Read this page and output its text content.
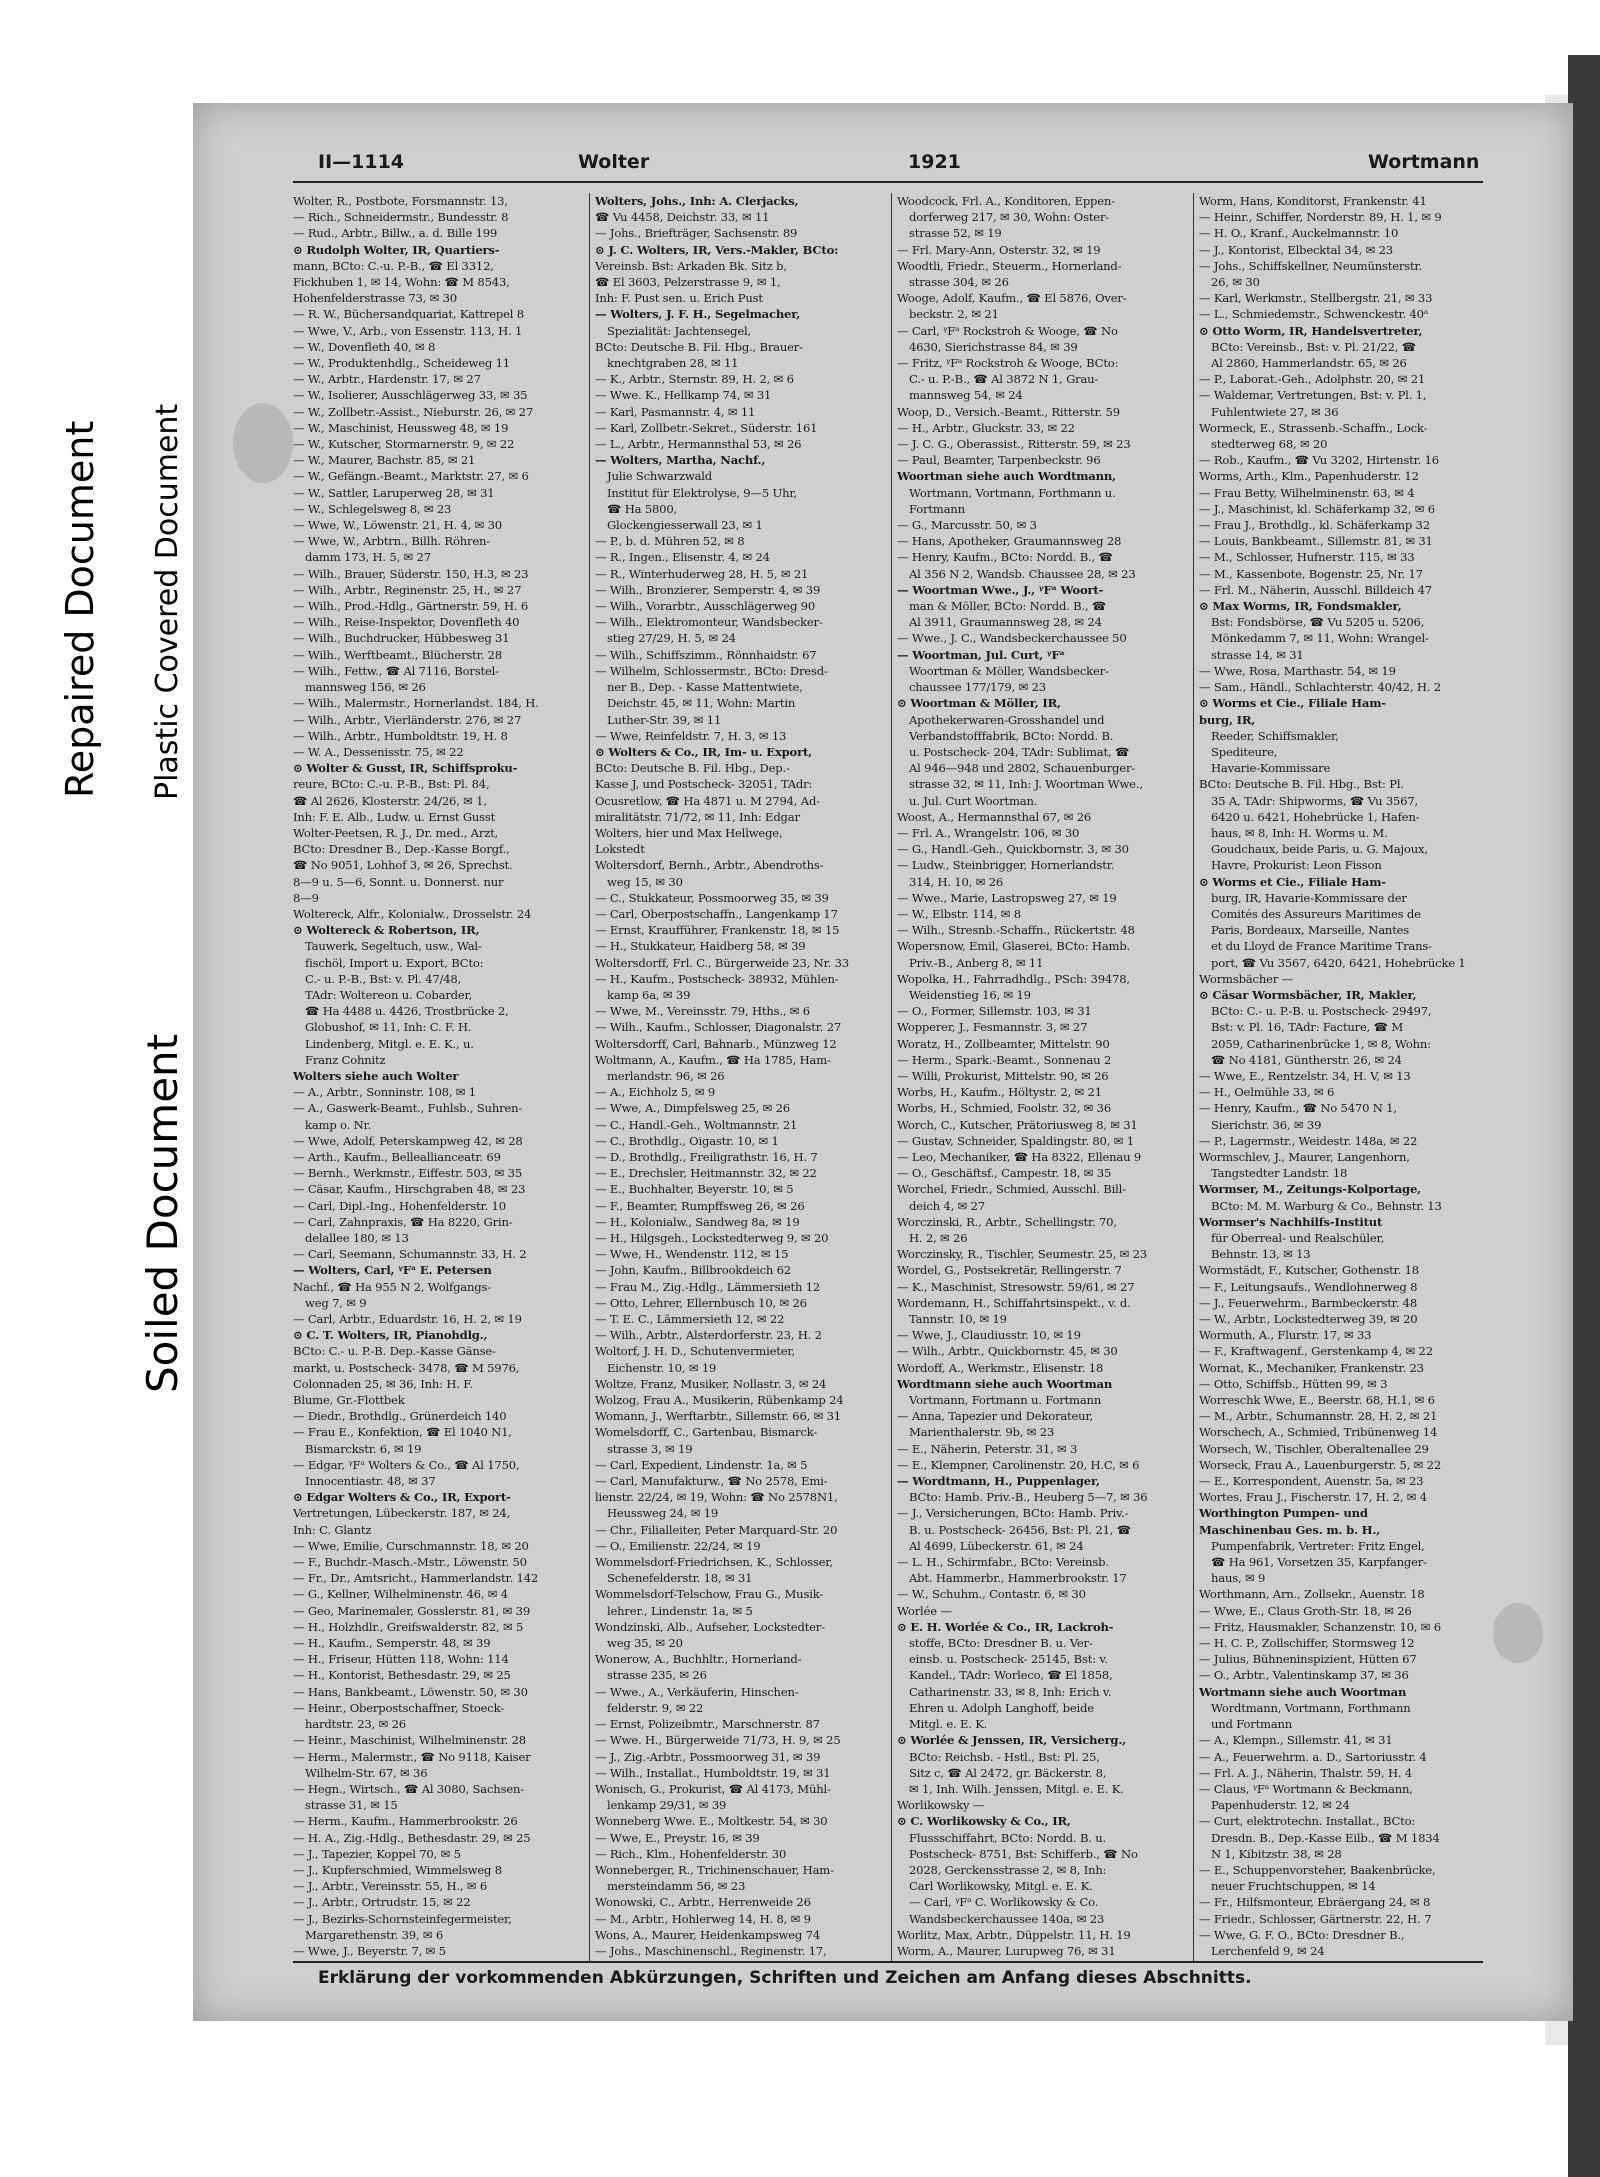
Repaired Document Plastic Covered Document
Soiled Document
II—1114	Wolter	1921	Wortmann
Wolter, R., Postbote, Forsmannstr. 13,
— Rich., Schneidermstr., Bundesstr. 8
— Rud., Arbtr., Billw., a. d. Bille 199
⊙ Rudolph Wolter, IR, Quartiers-
mann, BCto: C.-u. P.-B., ☎ El 3312,
Fickhuben 1, ✉ 14, Wohn: ☎ M 8543,
Hohenfelderstrasse 73, ✉ 30
— R. W., Büchersandquariat, Kattrepel 8
— Wwe, V., Arb., von Essenstr. 113, H. 1
— W., Dovenfleth 40, ✉ 8
— W., Produktenhdlg., Scheideweg 11
— W., Arbtr., Hardenstr. 17, ✉ 27
— W., Isolierer, Ausschlägerweg 33, ✉ 35
— W., Zollbetr.-Assist., Nieburstr. 26, ✉ 27
— W., Maschinist, Heussweg 48, ✉ 19
— W., Kutscher, Stormarnerstr. 9, ✉ 22
— W., Maurer, Bachstr. 85, ✉ 21
— W., Gefängn.-Beamt., Marktstr. 27, ✉ 6
— W., Sattler, Laruperweg 28, ✉ 31
— W., Schlegelsweg 8, ✉ 23
— Wwe, W., Löwenstr. 21, H. 4, ✉ 30
— Wwe, W., Arbtrn., Billh. Röhren-
damm 173, H. 5, ✉ 27
— Wilh., Brauer, Süderstr. 150, H.3, ✉ 23
— Wilh., Arbtr., Reginenstr. 25, H., ✉ 27
— Wilh., Prod.-Hdlg., Gärtnerstr. 59, H. 6
— Wilh., Reise-Inspektor, Dovenfleth 40
— Wilh., Buchdrucker, Hübbesweg 31
— Wilh., Werftbeamt., Blücherstr. 28
— Wilh., Fettw., ☎ Al 7116, Borstel-
mannsweg 156, ✉ 26
— Wilh., Malermstr., Hornerlandst. 184, H.
— Wilh., Arbtr., Vierländerstr. 276, ✉ 27
— Wilh., Arbtr., Humboldtstr. 19, H. 8
— W. A., Dessenisstr. 75, ✉ 22
⊙ Wolter & Gusst, IR, Schiffsproku-
reure, BCto: C.-u. P.-B., Bst: Pl. 84,
☎ Al 2626, Klosterstr. 24/26, ✉ 1,
Inh: F. E. Alb., Ludw. u. Ernst Gusst
Wolter-Peetsen, R. J., Dr. med., Arzt,
BCto: Dresdner B., Dep.-Kasse Borgf.,
☎ No 9051, Lohhof 3, ✉ 26, Sprechst.
8—9 u. 5—6, Sonnt. u. Donnerst. nur
8—9
Woltereck, Alfr., Kolonialw., Drosselstr. 24
⊙ Woltereck & Robertson, IR,
Tauwerk, Segeltuch, usw., Wal-
fischöl, Import u. Export, BCto:
C.- u. P.-B., Bst: v. Pl. 47/48,
TAdr: Woltereon u. Cobarder,
☎ Ha 4488 u. 4426, Trostbrücke 2,
Globushof, ✉ 11, Inh: C. F. H.
Lindenberg, Mitgl. e. E. K., u.
Franz Cohnitz
Wolters siehe auch Wolter
— A., Arbtr., Sonninstr. 108, ✉ 1
— A., Gaswerk-Beamt., Fuhlsb., Suhren-
kamp o. Nr.
— Wwe, Adolf, Peterskampweg 42, ✉ 28
— Arth., Kaufm., Belleallianceatr. 69
— Bernh., Werkmstr., Eiffestr. 503, ✉ 35
— Cäsar, Kaufm., Hirschgraben 48, ✉ 23
— Carl, Dipl.-Ing., Hohenfelderstr. 10
— Carl, Zahnpraxis, ☎ Ha 8220, Grin-
delallee 180, ✉ 13
— Carl, Seemann, Schumannstr. 33, H. 2
— Wolters, Carl, ᵞFᵃ E. Petersen
Nachf., ☎ Ha 955 N 2, Wolfgangs-
weg 7, ✉ 9
— Carl, Arbtr., Eduardstr. 16, H. 2, ✉ 19
⊙ C. T. Wolters, IR, Pianohdlg.,
BCto: C.- u. P.-B. Dep.-Kasse Gänse-
markt, u. Postscheck- 3478, ☎ M 5976,
Colonnaden 25, ✉ 36, Inh: H. F.
Blume, Gr.-Flottbek
— Diedr., Brothdlg., Grünerdeich 140
— Frau E., Konfektion, ☎ El 1040 N1,
Bismarckstr. 6, ✉ 19
— Edgar, ᵞFᵃ Wolters & Co., ☎ Al 1750,
Innocentiastr. 48, ✉ 37
⊙ Edgar Wolters & Co., IR, Export-
Vertretungen, Lübeckerstr. 187, ✉ 24,
Inh: C. Glantz
— Wwe, Emilie, Curschmannstr. 18, ✉ 20
— F., Buchdr.-Masch.-Mstr., Löwenstr. 50
— Fr., Dr., Amtsricht., Hammerlandstr. 142
— G., Kellner, Wilhelminenstr. 46, ✉ 4
— Geo, Marinemaler, Gosslerstr. 81, ✉ 39
— H., Holzhdlr., Greifswalderstr. 82, ✉ 5
— H., Kaufm., Semperstr. 48, ✉ 39
— H., Friseur, Hütten 118, Wohn: 114
— H., Kontorist, Bethesdastr. 29, ✉ 25
— Hans, Bankbeamt., Löwenstr. 50, ✉ 30
— Heinr., Oberpostschaffner, Stoeck-
hardtstr. 23, ✉ 26
— Heinr., Maschinist, Wilhelminenstr. 28
— Herm., Malermstr., ☎ No 9118, Kaiser
Wilhelm-Str. 67, ✉ 36
— Hegn., Wirtsch., ☎ Al 3080, Sachsen-
strasse 31, ✉ 15
— Herm., Kaufm., Hammerbrookstr. 26
— H. A., Zig.-Hdlg., Bethesdastr. 29, ✉ 25
— J., Tapezier, Koppel 70, ✉ 5
— J., Kupferschmied, Wimmelsweg 8
— J., Arbtr., Vereinsstr. 55, H., ✉ 6
— J., Arbtr., Ortrudstr. 15, ✉ 22
— J., Bezirks-Schornsteinfegermeister,
Margarethenstr. 39, ✉ 6
— Wwe, J., Beyerstr. 7, ✉ 5
Wolters, Johs., Inh: A. Clerjacks,
☎ Vu 4458, Deichstr. 33, ✉ 11
— Johs., Briefträger, Sachsenstr. 89
⊙ J. C. Wolters, IR, Vers.-Makler, BCto:
Vereinsb. Bst: Arkaden Bk. Sitz b,
☎ El 3603, Pelzerstrasse 9, ✉ 1,
Inh: F. Pust sen. u. Erich Pust
— Wolters, J. F. H., Segelmacher,
Spezialität: Jachtensegel,
BCto: Deutsche B. Fil. Hbg., Brauer-
knechtgraben 28, ✉ 11
— K., Arbtr., Sternstr. 89, H. 2, ✉ 6
— Wwe. K., Hellkamp 74, ✉ 31
— Karl, Pasmannstr. 4, ✉ 11
— Karl, Zollbetr.-Sekret., Süderstr. 161
— L., Arbtr., Hermannsthal 53, ✉ 26
— Wolters, Martha, Nachf.,
Julie Schwarzwald
Institut für Elektrolyse, 9—5 Uhr,
☎ Ha 5800,
Glockengiesserwall 23, ✉ 1
— P., b. d. Mühren 52, ✉ 8
— R., Ingen., Elisenstr. 4, ✉ 24
— R., Winterhuderweg 28, H. 5, ✉ 21
— Wilh., Bronzierer, Semperstr. 4, ✉ 39
— Wilh., Vorarbtr., Ausschlägerweg 90
— Wilh., Elektromonteur, Wandsbecker-
stieg 27/29, H. 5, ✉ 24
— Wilh., Schiffszimm., Rönnhaidstr. 67
— Wilhelm, Schlossermstr., BCto: Dresd-
ner B., Dep. - Kasse Mattentwiete,
Deichstr. 45, ✉ 11, Wohn: Martin
Luther-Str. 39, ✉ 11
— Wwe, Reinfeldstr. 7, H. 3, ✉ 13
⊙ Wolters & Co., IR, Im- u. Export,
BCto: Deutsche B. Fil. Hbg., Dep.-
Kasse J, und Postscheck- 32051, TAdr:
Ocusretlow, ☎ Ha 4871 u. M 2794, Ad-
miralitätstr. 71/72, ✉ 11, Inh: Edgar
Wolters, hier und Max Hellwege,
Lokstedt
Woltersdorf, Bernh., Arbtr., Abendroths-
weg 15, ✉ 30
— C., Stukkateur, Possmoorweg 35, ✉ 39
— Carl, Oberpostschaffn., Langenkamp 17
— Ernst, Kraufführer, Frankenstr. 18, ✉ 15
— H., Stukkateur, Haidberg 58, ✉ 39
Woltersdorff, Frl. C., Bürgerweide 23, Nr. 33
— H., Kaufm., Postscheck- 38932, Mühlen-
kamp 6a, ✉ 39
— Wwe, M., Vereinsstr. 79, Hths., ✉ 6
— Wilh., Kaufm., Schlosser, Diagonalstr. 27
Woltersdorff, Carl, Bahnarb., Münzweg 12
Woltmann, A., Kaufm., ☎ Ha 1785, Ham-
merlandstr. 96, ✉ 26
— A., Eichholz 5, ✉ 9
— Wwe, A., Dimpfelsweg 25, ✉ 26
— C., Handl.-Geh., Woltmannstr. 21
— C., Brothdlg., Oigastr. 10, ✉ 1
— D., Brothdlg., Freiligrathstr. 16, H. 7
— E., Drechsler, Heitmannstr. 32, ✉ 22
— E., Buchhalter, Beyerstr. 10, ✉ 5
— F., Beamter, Rumpffsweg 26, ✉ 26
— H., Kolonialw., Sandweg 8a, ✉ 19
— H., Hilgsgeh., Lockstedterweg 9, ✉ 20
— Wwe, H., Wendenstr. 112, ✉ 15
— John, Kaufm., Billbrookdeich 62
— Frau M., Zig.-Hdlg., Lämmersieth 12
— Otto, Lehrer, Ellernbusch 10, ✉ 26
— T. E. C., Lämmersieth 12, ✉ 22
— Wilh., Arbtr., Alsterdorferstr. 23, H. 2
Woltorf, J. H. D., Schutenvermieter,
Eichenstr. 10, ✉ 19
Woltze, Franz, Musiker, Nollastr. 3, ✉ 24
Wolzog, Frau A., Musikerin, Rübenkamp 24
Womann, J., Werftarbtr., Sillemstr. 66, ✉ 31
Womelsdorff, C., Gartenbau, Bismarck-
strasse 3, ✉ 19
— Carl, Expedient, Lindenstr. 1a, ✉ 5
— Carl, Manufakturw., ☎ No 2578, Emi-
lienstr. 22/24, ✉ 19, Wohn: ☎ No 2578N1,
Heussweg 24, ✉ 19
— Chr., Filialleiter, Peter Marquard-Str. 20
— O., Emilienstr. 22/24, ✉ 19
Wommelsdorf-Friedrichsen, K., Schlosser,
Schenefelderstr. 18, ✉ 31
Wommelsdorf-Telschow, Frau G., Musik-
lehrer., Lindenstr. 1a, ✉ 5
Wondzinski, Alb., Aufseher, Lockstedter-
weg 35, ✉ 20
Wonerow, A., Buchhltr., Hornerland-
strasse 235, ✉ 26
— Wwe., A., Verkäuferin, Hinschen-
felderstr. 9, ✉ 22
— Ernst, Polizeibmtr., Marschnerstr. 87
— Wwe. H., Bürgerweide 71/73, H. 9, ✉ 25
— J., Zig.-Arbtr., Possmoorweg 31, ✉ 39
— Wilh., Installat., Humboldtstr. 19, ✉ 31
Wonisch, G., Prokurist, ☎ Al 4173, Mühl-
lenkamp 29/31, ✉ 39
Wonneberg Wwe. E., Moltkestr. 54, ✉ 30
— Wwe, E., Preystr. 16, ✉ 39
— Rich., Klm., Hohenfelderstr. 30
Wonneberger, R., Trichinenschauer, Ham-
mersteindamm 56, ✉ 23
Wonowski, C., Arbtr., Herrenweide 26
— M., Arbtr., Hohlerweg 14, H. 8, ✉ 9
Wons, A., Maurer, Heidenkampsweg 74
— Johs., Maschinenschl., Reginenstr. 17,
Woodcock, Frl. A., Konditoren, Eppen-
dorferweg 217, ✉ 30, Wohn: Oster-
strasse 52, ✉ 19
— Frl. Mary-Ann, Osterstr. 32, ✉ 19
Woodtli, Friedr., Steuerm., Hornerland-
strasse 304, ✉ 26
Wooge, Adolf, Kaufm., ☎ El 5876, Over-
beckstr. 2, ✉ 21
— Carl, ᵞFᵃ Rockstroh & Wooge, ☎ No
4630, Sierichstrasse 84, ✉ 39
— Fritz, ᵞFᵃ Rockstroh & Wooge, BCto:
C.- u. P.-B., ☎ Al 3872 N 1, Grau-
mannsweg 54, ✉ 24
Woop, D., Versich.-Beamt., Ritterstr. 59
— H., Arbtr., Gluckstr. 33, ✉ 22
— J. C. G., Oberassist., Ritterstr. 59, ✉ 23
— Paul, Beamter, Tarpenbeckstr. 96
Woortman siehe auch Wordtmann,
Wortmann, Vortmann, Forthmann u.
Fortmann
— G., Marcusstr. 50, ✉ 3
— Hans, Apotheker, Graumannsweg 28
— Henry, Kaufm., BCto: Nordd. B., ☎
Al 356 N 2, Wandsb. Chaussee 28, ✉ 23
— Woortman Wwe., J., ᵞFᵃ Woort-
man & Möller, BCto: Nordd. B., ☎
Al 3911, Graumannsweg 28, ✉ 24
— Wwe., J. C., Wandsbeckerchaussee 50
— Woortman, Jul. Curt, ᵞFᵃ
Woortman & Möller, Wandsbecker-
chaussee 177/179, ✉ 23
⊙ Woortman & Möller, IR,
Apothekerwaren-Grosshandel und
Verbandstofffabrik, BCto: Nordd. B.
u. Postscheck- 204, TAdr: Sublimat, ☎
Al 946—948 und 2802, Schauenburger-
strasse 32, ✉ 11, Inh: J. Woortman Wwe.,
u. Jul. Curt Woortman.
Woost, A., Hermannsthal 67, ✉ 26
— Frl. A., Wrangelstr. 106, ✉ 30
— G., Handl.-Geh., Quickbornstr. 3, ✉ 30
— Ludw., Steinbrigger, Hornerlandstr.
314, H. 10, ✉ 26
— Wwe., Marie, Lastropsweg 27, ✉ 19
— W., Elbstr. 114, ✉ 8
— Wilh., Stresnb.-Schaffn., Rückertstr. 48
Wopersnow, Emil, Glaserei, BCto: Hamb.
Priv.-B., Anberg 8, ✉ 11
Wopolka, H., Fahrradhdlg., PSch: 39478,
Weidenstieg 16, ✉ 19
— O., Former, Sillemstr. 103, ✉ 31
Wopperer, J., Fesmannstr. 3, ✉ 27
Woratz, H., Zollbeamter, Mittelstr. 90
— Herm., Spark.-Beamt., Sonnenau 2
— Willi, Prokurist, Mittelstr. 90, ✉ 26
Worbs, H., Kaufm., Höltystr. 2, ✉ 21
Worbs, H., Schmied, Foolstr. 32, ✉ 36
Worch, C., Kutscher, Prätoriusweg 8, ✉ 31
— Gustav, Schneider, Spaldingstr. 80, ✉ 1
— Leo, Mechaniker, ☎ Ha 8322, Ellenau 9
— O., Geschäftsf., Campestr. 18, ✉ 35
Worchel, Friedr., Schmied, Ausschl. Bill-
deich 4, ✉ 27
Worczinski, R., Arbtr., Schellingstr. 70,
H. 2, ✉ 26
Worczinsky, R., Tischler, Seumestr. 25, ✉ 23
Wordel, G., Postsekretär, Rellingerstr. 7
— K., Maschinist, Stresowstr. 59/61, ✉ 27
Wordemann, H., Schiffahrtsinspekt., v. d.
Tannstr. 10, ✉ 19
— Wwe, J., Claudiusstr. 10, ✉ 19
— Wilh., Arbtr., Quickbornstr. 45, ✉ 30
Wordoff, A., Werkmstr., Elisenstr. 18
Wordtmann siehe auch Woortman
Vortmann, Fortmann u. Fortmann
— Anna, Tapezier und Dekorateur,
Marienthalerstr. 9b, ✉ 23
— E., Näherin, Peterstr. 31, ✉ 3
— E., Klempner, Carolinenstr. 20, H.C, ✉ 6
— Wordtmann, H., Puppenlager,
BCto: Hamb. Priv.-B., Heuberg 5—7, ✉ 36
— J., Versicherungen, BCto: Hamb. Priv.-
B. u. Postscheck- 26456, Bst: Pl. 21, ☎
Al 4699, Lübeckerstr. 61, ✉ 24
— L. H., Schirmfabr., BCto: Vereinsb.
Abt. Hammerbr., Hammerbrookstr. 17
— W., Schuhm., Contastr. 6, ✉ 30
Worlée —
⊙ E. H. Worlée & Co., IR, Lackroh-
stoffe, BCto: Dresdner B. u. Ver-
einsb. u. Postscheck- 25145, Bst: v.
Kandel., TAdr: Worleco, ☎ El 1858,
Catharinenstr. 33, ✉ 8, Inh: Erich v.
Ehren u. Adolph Langhoff, beide
Mitgl. e. E. K.
⊙ Worlée & Jenssen, IR, Versicherg.,
BCto: Reichsb. - Hstl., Bst: Pl. 25,
Sitz c, ☎ Al 2472, gr. Bäckerstr. 8,
✉ 1, Inh. Wilh. Jenssen, Mitgl. e. E. K.
Worlikowsky —
⊙ C. Worlikowsky & Co., IR,
Flussschiffahrt, BCto: Nordd. B. u.
Postscheck- 8751, Bst: Schifferb., ☎ No
2028, Gerckensstrasse 2, ✉ 8, Inh:
Carl Worlikowsky, Mitgl. e. E. K.
— Carl, ᵞFᵃ C. Worlikowsky & Co.
Wandsbeckerchaussee 140a, ✉ 23
Worlitz, Max, Arbtr., Düppelstr. 11, H. 19
Worm, A., Maurer, Lurupweg 76, ✉ 31
Worm, Hans, Konditorst, Frankenstr. 41
— Heinr., Schiffer, Norderstr. 89, H. 1, ✉ 9
— H. O., Kranf., Auckelmannstr. 10
— J., Kontorist, Elbecktal 34, ✉ 23
— Johs., Schiffskellner, Neumünsterstr.
26, ✉ 30
— Karl, Werkmstr., Stellbergstr. 21, ✉ 33
— L., Schmiedemstr., Schwenckestr. 40ᵃ
⊙ Otto Worm, IR, Handelsvertreter,
BCto: Vereinsb., Bst: v. Pl. 21/22, ☎
Al 2860, Hammerlandstr. 65, ✉ 26
— P., Laborat.-Geh., Adolphstr. 20, ✉ 21
— Waldemar, Vertretungen, Bst: v. Pl. 1,
Fuhlentwiete 27, ✉ 36
Wormeck, E., Strassenb.-Schaffn., Lock-
stedterweg 68, ✉ 20
— Rob., Kaufm., ☎ Vu 3202, Hirtenstr. 16
Worms, Arth., Klm., Papenhuderstr. 12
— Frau Betty, Wilhelminenstr. 63, ✉ 4
— J., Maschinist, kl. Schäferkamp 32, ✉ 6
— Frau J., Brothdlg., kl. Schäferkamp 32
— Louis, Bankbeamt., Sillemstr. 81, ✉ 31
— M., Schlosser, Hufnerstr. 115, ✉ 33
— M., Kassenbote, Bogenstr. 25, Nr. 17
— Frl. M., Näherin, Ausschl. Billdeich 47
⊙ Max Worms, IR, Fondsmakler,
Bst: Fondsbörse, ☎ Vu 5205 u. 5206,
Mönkedamm 7, ✉ 11, Wohn: Wrangel-
strasse 14, ✉ 31
— Wwe, Rosa, Marthastr. 54, ✉ 19
— Sam., Händl., Schlachterstr. 40/42, H. 2
⊙ Worms et Cie., Filiale Ham-
burg, IR,
Reeder, Schiffsmakler,
Spediteure,
Havarie-Kommissare
BCto: Deutsche B. Fil. Hbg., Bst: Pl.
35 A, TAdr: Shipworms, ☎ Vu 3567,
6420 u. 6421, Hohebrücke 1, Hafen-
haus, ✉ 8, Inh: H. Worms u. M.
Goudchaux, beide Paris, u. G. Majoux,
Havre, Prokurist: Leon Fisson
⊙ Worms et Cie., Filiale Ham-
burg, IR, Havarie-Kommissare der
Comités des Assureurs Maritimes de
Paris, Bordeaux, Marseille, Nantes
et du Lloyd de France Maritime Trans-
port, ☎ Vu 3567, 6420, 6421, Hohebrücke 1
Wormsbächer —
⊙ Cäsar Wormsbächer, IR, Makler,
BCto: C.- u. P.-B. u. Postscheck- 29497,
Bst: v. Pl. 16, TAdr: Facture, ☎ M
2059, Catharinenbrücke 1, ✉ 8, Wohn:
☎ No 4181, Güntherstr. 26, ✉ 24
— Wwe, E., Rentzelstr. 34, H. V, ✉ 13
— H., Oelmühle 33, ✉ 6
— Henry, Kaufm., ☎ No 5470 N 1,
Sierichstr. 36, ✉ 39
— P., Lagermstr., Weidestr. 148a, ✉ 22
Wormschlev, J., Maurer, Langenhorn,
Tangstedter Landstr. 18
Wormser, M., Zeitungs-Kolportage,
BCto: M. M. Warburg & Co., Behnstr. 13
Wormser's Nachhilfs-Institut
für Oberreal- und Realschüler,
Behnstr. 13, ✉ 13
Wormstädt, F., Kutscher, Gothenstr. 18
— F., Leitungsaufs., Wendlohnerweg 8
— J., Feuerwehrm., Barmbeckerstr. 48
— W., Arbtr., Lockstedterweg 39, ✉ 20
Wormuth, A., Flurstr. 17, ✉ 33
— F., Kraftwagenf., Gerstenkamp 4, ✉ 22
Wornat, K., Mechaniker, Frankenstr. 23
— Otto, Schiffsb., Hütten 99, ✉ 3
Worreschk Wwe, E., Beerstr. 68, H.1, ✉ 6
— M., Arbtr., Schumannstr. 28, H. 2, ✉ 21
Worschech, A., Schmied, Tribünenweg 14
Worsech, W., Tischler, Oberaltenallee 29
Worseck, Frau A., Lauenburgerstr. 5, ✉ 22
— E., Korrespondent, Auenstr. 5a, ✉ 23
Wortes, Frau J., Fischerstr. 17, H. 2, ✉ 4
Worthington Pumpen- und
Maschinenbau Ges. m. b. H.,
Pumpenfabrik, Vertreter: Fritz Engel,
☎ Ha 961, Vorsetzen 35, Karpfanger-
haus, ✉ 9
Worthmann, Arn., Zollsekr., Auenstr. 18
— Wwe, E., Claus Groth-Str. 18, ✉ 26
— Fritz, Hausmakler, Schanzenstr. 10, ✉ 6
— H. C. P., Zollschiffer, Stormsweg 12
— Julius, Bühneninspizient, Hütten 67
— O., Arbtr., Valentinskamp 37, ✉ 36
Wortmann siehe auch Woortman
Wordtmann, Vortmann, Forthmann
und Fortmann
— A., Klempn., Sillemstr. 41, ✉ 31
— A., Feuerwehrm. a. D., Sartoriusstr. 4
— Frl. A. J., Näherin, Thalstr. 59, H. 4
— Claus, ᵞFᵃ Wortmann & Beckmann,
Papenhuderstr. 12, ✉ 24
— Curt, elektrotechn. Installat., BCto:
Dresdn. B., Dep.-Kasse Eilb., ☎ M 1834
N 1, Kibitzstr. 38, ✉ 28
— E., Schuppenvorsteher, Baakenbrücke,
neuer Fruchtschuppen, ✉ 14
— Fr., Hilfsmonteur, Ebräergang 24, ✉ 8
— Friedr., Schlosser, Gärtnerstr. 22, H. 7
— Wwe, G. F. O., BCto: Dresdner B.,
Lerchenfeld 9, ✉ 24
Erklärung der vorkommenden Abkürzungen, Schriften und Zeichen am Anfang dieses Abschnitts.
